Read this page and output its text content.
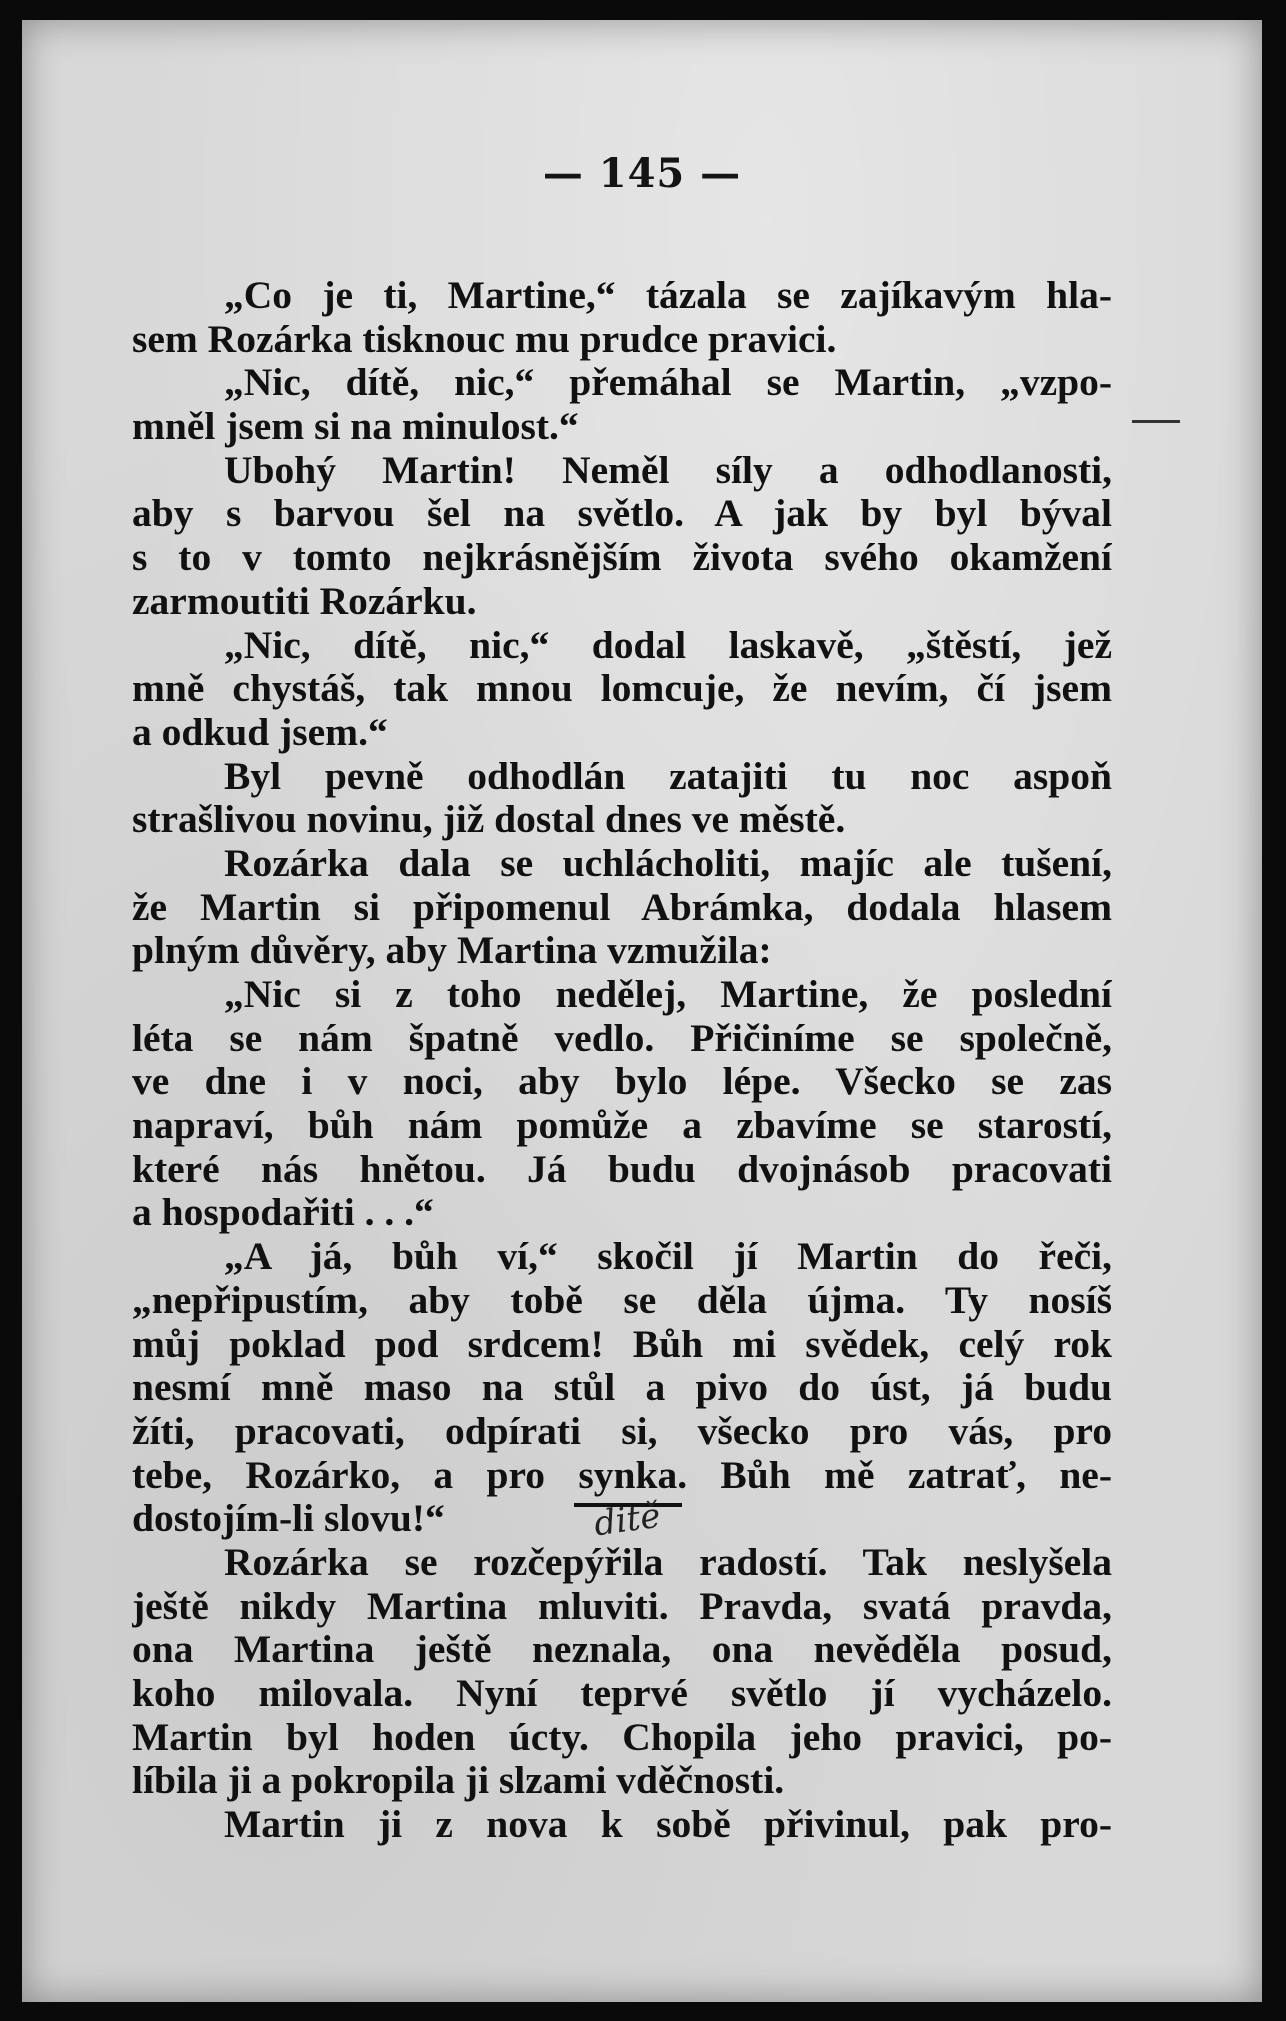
— 145 —
„Co je ti, Martine,“ tázala se zajíkavým hla-
sem Rozárka tisknouc mu prudce pravici.
„Nic, dítě, nic,“ přemáhal se Martin, „vzpo-
mněl jsem si na minulost.“
Ubohý Martin! Neměl síly a odhodlanosti,
aby s barvou šel na světlo. A jak by byl býval
s to v tomto nejkrásnějším života svého okamžení
zarmoutiti Rozárku.
„Nic, dítě, nic,“ dodal laskavě, „štěstí, jež
mně chystáš, tak mnou lomcuje, že nevím, čí jsem
a odkud jsem.“
Byl pevně odhodlán zatajiti tu noc aspoň
strašlivou novinu, již dostal dnes ve městě.
Rozárka dala se uchlácholiti, majíc ale tušení,
že Martin si připomenul Abrámka, dodala hlasem
plným důvěry, aby Martina vzmužila:
„Nic si z toho nedělej, Martine, že poslední
léta se nám špatně vedlo. Přičiníme se společně,
ve dne i v noci, aby bylo lépe. Všecko se zas
napraví, bůh nám pomůže a zbavíme se starostí,
které nás hnětou. Já budu dvojnásob pracovati
a hospodařiti . . .“
„A já, bůh ví,“ skočil jí Martin do řeči,
„nepřipustím, aby tobě se děla újma. Ty nosíš
můj poklad pod srdcem! Bůh mi svědek, celý rok
nesmí mně maso na stůl a pivo do úst, já budu
žíti, pracovati, odpírati si, všecko pro vás, pro
tebe, Rozárko, a pro synka. Bůh mě zatrať, ne-
dostojím-li slovu!“
Rozárka se rozčepýřila radostí. Tak neslyšela
ještě nikdy Martina mluviti. Pravda, svatá pravda,
ona Martina ještě neznala, ona nevěděla posud,
koho milovala. Nyní teprvé světlo jí vycházelo.
Martin byl hoden úcty. Chopila jeho pravici, po-
líbila ji a pokropila ji slzami vděčnosti.
Martin ji z nova k sobě přivinul, pak pro-
ditě
